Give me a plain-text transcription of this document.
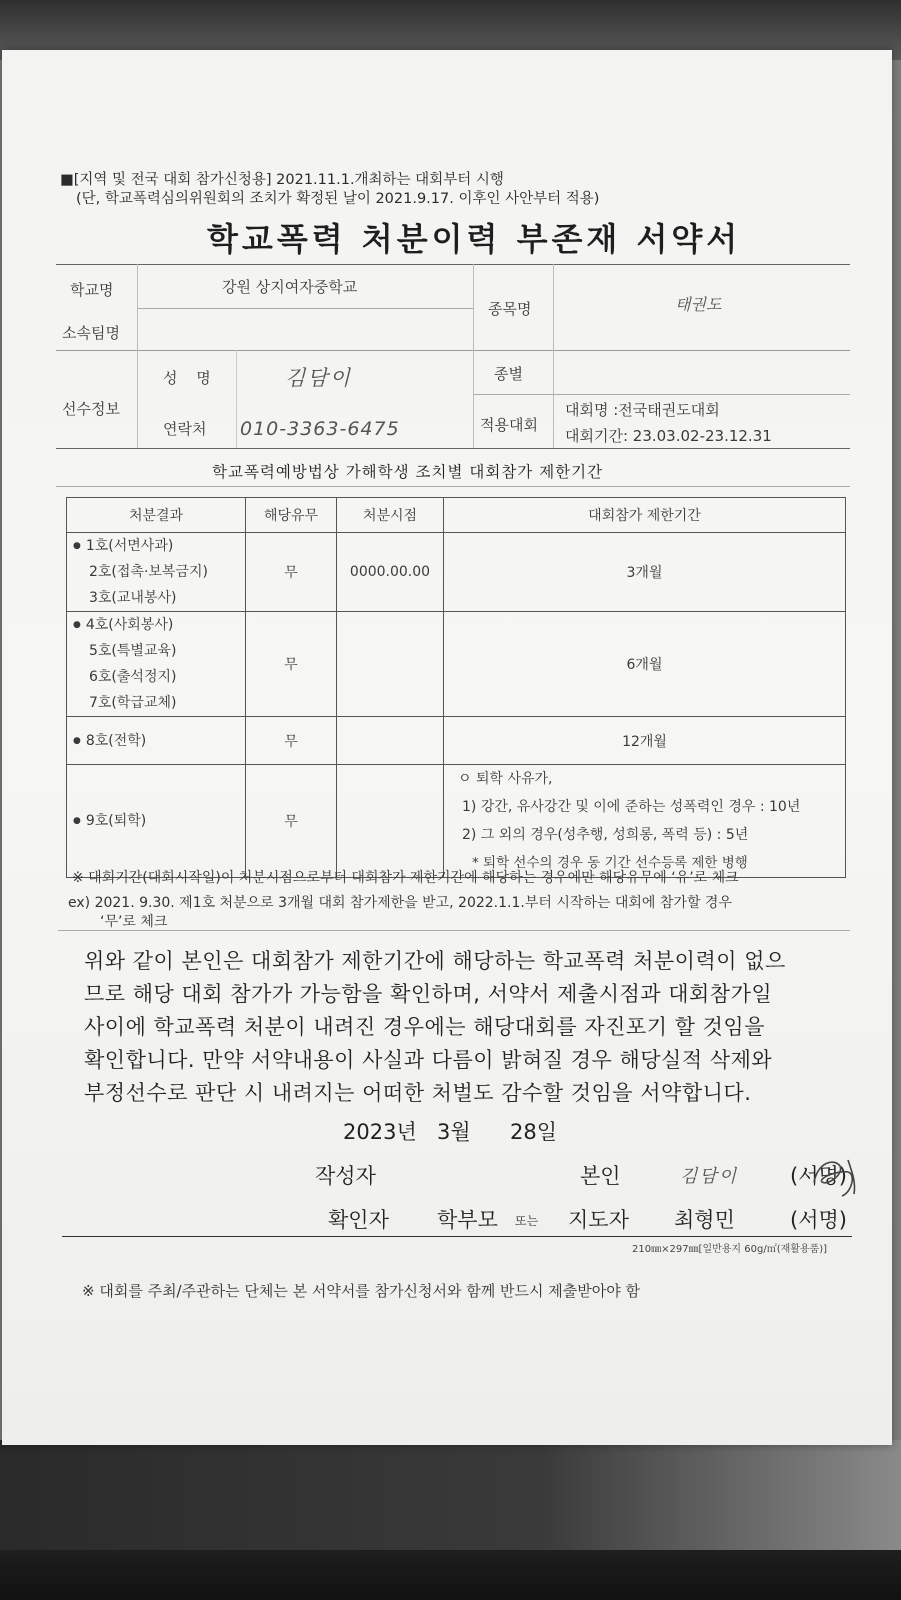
■[지역 및 전국 대회 참가신청용] 2021.11.1.개최하는 대회부터 시행
(단, 학교폭력심의위원회의 조치가 확정된 날이 2021.9.17. 이후인 사안부터 적용)
학교폭력 처분이력 부존재 서약서
학교명	강원 상지여자중학교
소속팀명
종목명	태권도
선수정보
성 명	김담이
연락처 010-3363-6475
종별
적용대회
대회명 :전국태권도대회
대회기간: 23.03.02-23.12.31
학교폭력예방법상 가해학생 조치별 대회참가 제한기간
처분결과	해당유무	처분시점	대회참가 제한기간

● 1호(서면사과)
2호(접촉·보복금지)
3호(교내봉사)	무	0000.00.00	3개월

● 4호(사회봉사)
5호(특별교육)
6호(출석정지)
7호(학급교체)	무		6개월

● 8호(전학)	무		12개월

● 9호(퇴학)	무		ㅇ 퇴학 사유가,
1) 강간, 유사강간 및 이에 준하는 성폭력인 경우 : 10년
2) 그 외의 경우(성추행, 성희롱, 폭력 등) : 5년
* 퇴학 선수의 경우 동 기간 선수등록 제한 병행
※ 대회기간(대회시작일)이 처분시점으로부터 대회참가 제한기간에 해당하는 경우에만 해당유무에 ‘유’로 체크
ex) 2021. 9.30. 제1호 처분으로 3개월 대회 참가제한을 받고, 2022.1.1.부터 시작하는 대회에 참가할 경우
‘무’로 체크
위와 같이 본인은 대회참가 제한기간에 해당하는 학교폭력 처분이력이 없으
므로 해당 대회 참가가 가능함을 확인하며, 서약서 제출시점과 대회참가일
사이에 학교폭력 처분이 내려진 경우에는 해당대회를 자진포기 할 것임을
확인합니다. 만약 서약내용이 사실과 다름이 밝혀질 경우 해당실적 삭제와
부정선수로 판단 시 내려지는 어떠한 처벌도 감수할 것임을 서약합니다.
2023년 3월 28일
작성자	본인	김담이 (서명)
확인자 학부모 또는 지도자 최형민	(서명)
210㎜×297㎜[일반용지 60g/㎡(재활용품)]
※ 대회를 주최/주관하는 단체는 본 서약서를 참가신청서와 함께 반드시 제출받아야 함
